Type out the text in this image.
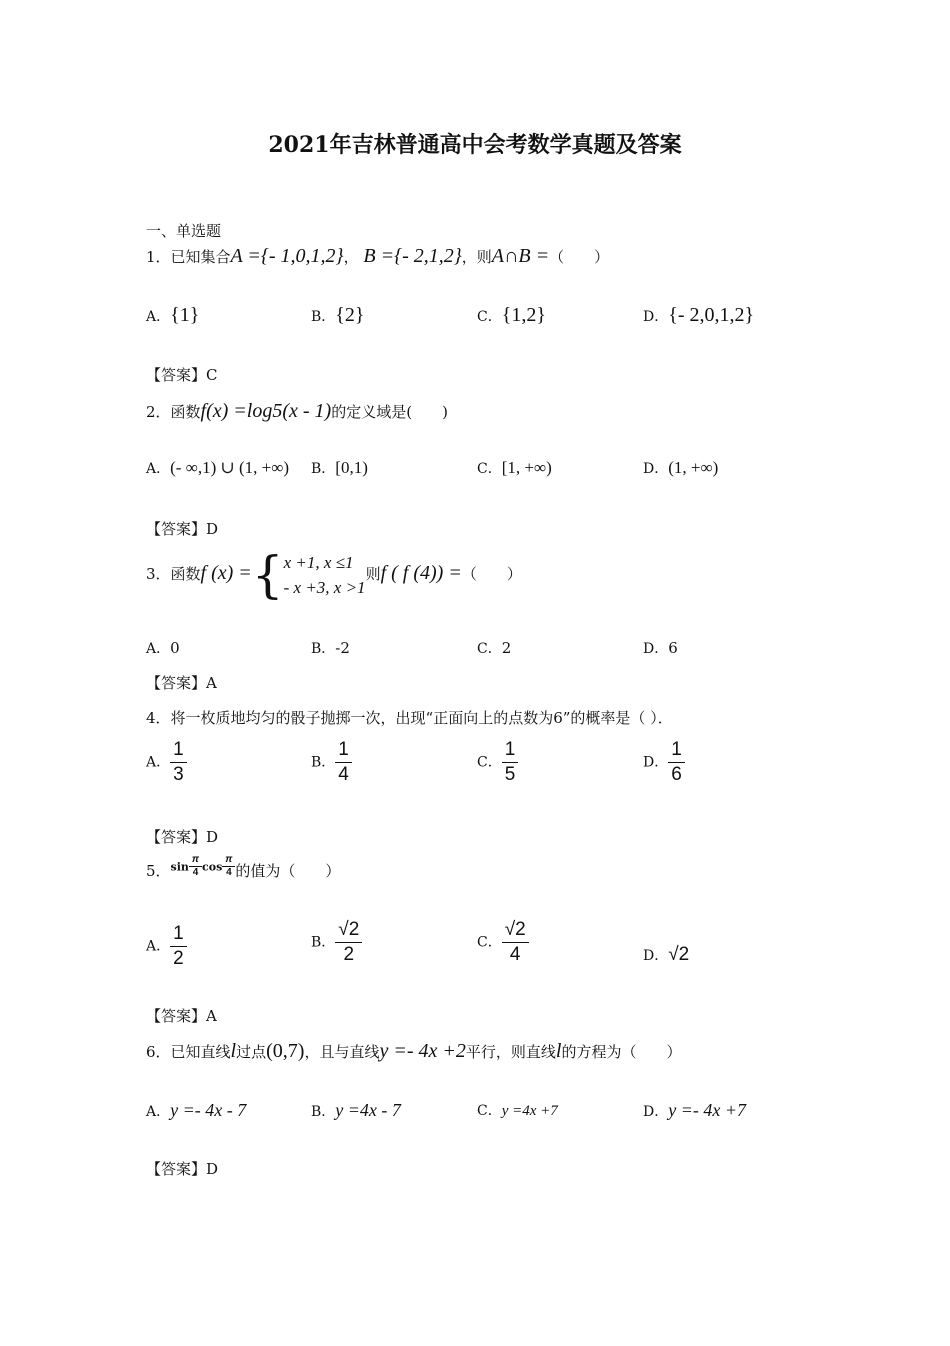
2021年吉林普通高中会考数学真题及答案
一、单选题
1．已知集合A ={- 1,0,1,2}， B ={- 2,1,2}，则A∩B =（　　）
A．{1}	B．{2}	C．{1,2}	D．{- 2,0,1,2}
【答案】C
2．函数f(x) =log5(x - 1)的定义域是(　　)
A．(- ∞,1) ∪ (1, +∞) B．[0,1)	C．[1, +∞)	D．(1, +∞)
【答案】D
3．函数f (x) ={ x +1, x ≤1
- x +3, x >1
则f ( f (4)) =（　　）
A．0	B．-2	C．2	D．6
【答案】A
4．将一枚质地均匀的骰子抛掷一次，出现“正面向上的点数为6”的概率是（ ）．
A． $\frac{1}{3}$	B． $\frac{1}{4}$	C． $\frac{1}{5}$	D． $\frac{1}{6}$
【答案】D
5．$\sin \frac{\pi}{4}$ $\cos \frac{\pi}{4}$ 的值为（　　）
A． $\frac{1}{2}$	B． $\frac{√2}{2}$	C． $\frac{√2}{4}$	D．√2
【答案】A
6．已知直线l过点(0,7)，且与直线y =- 4x +2平行，则直线l的方程为（　　）
A．y =- 4x - 7	B．y =4x - 7	C．y =4x +7	D．y =- 4x +7
【答案】D
